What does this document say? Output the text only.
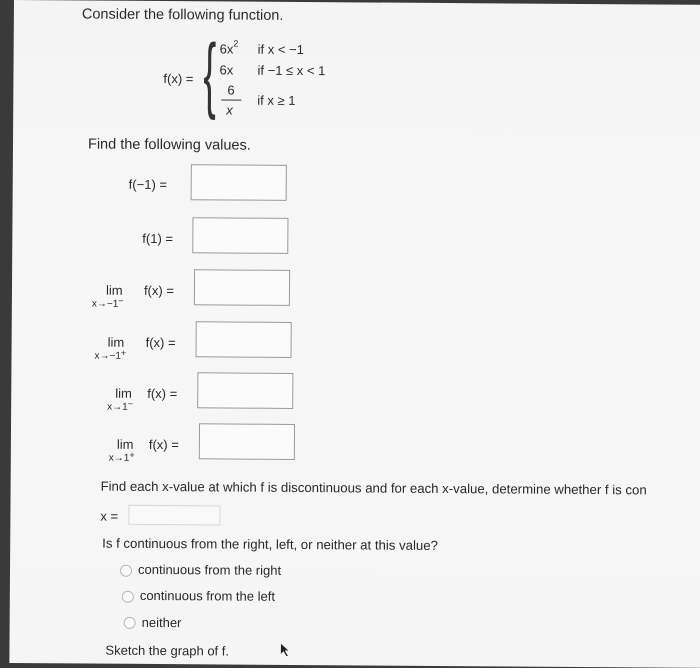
Consider the following function.
f(x) = { $6x^2$ if x < −1
6x if −1 ≤ x < 1
6
x
if x ≥ 1
Find the following values.
f(−1) =
f(1) =
lim
x→−1−
f(x) =
lim
x→−1+
f(x) =
lim
x→1−
f(x) =
lim
x→1+
f(x) =
Find each x-value at which f is discontinuous and for each x-value, determine whether f is con
x =
Is f continuous from the right, left, or neither at this value?
continuous from the right
continuous from the left
neither
Sketch the graph of f.
